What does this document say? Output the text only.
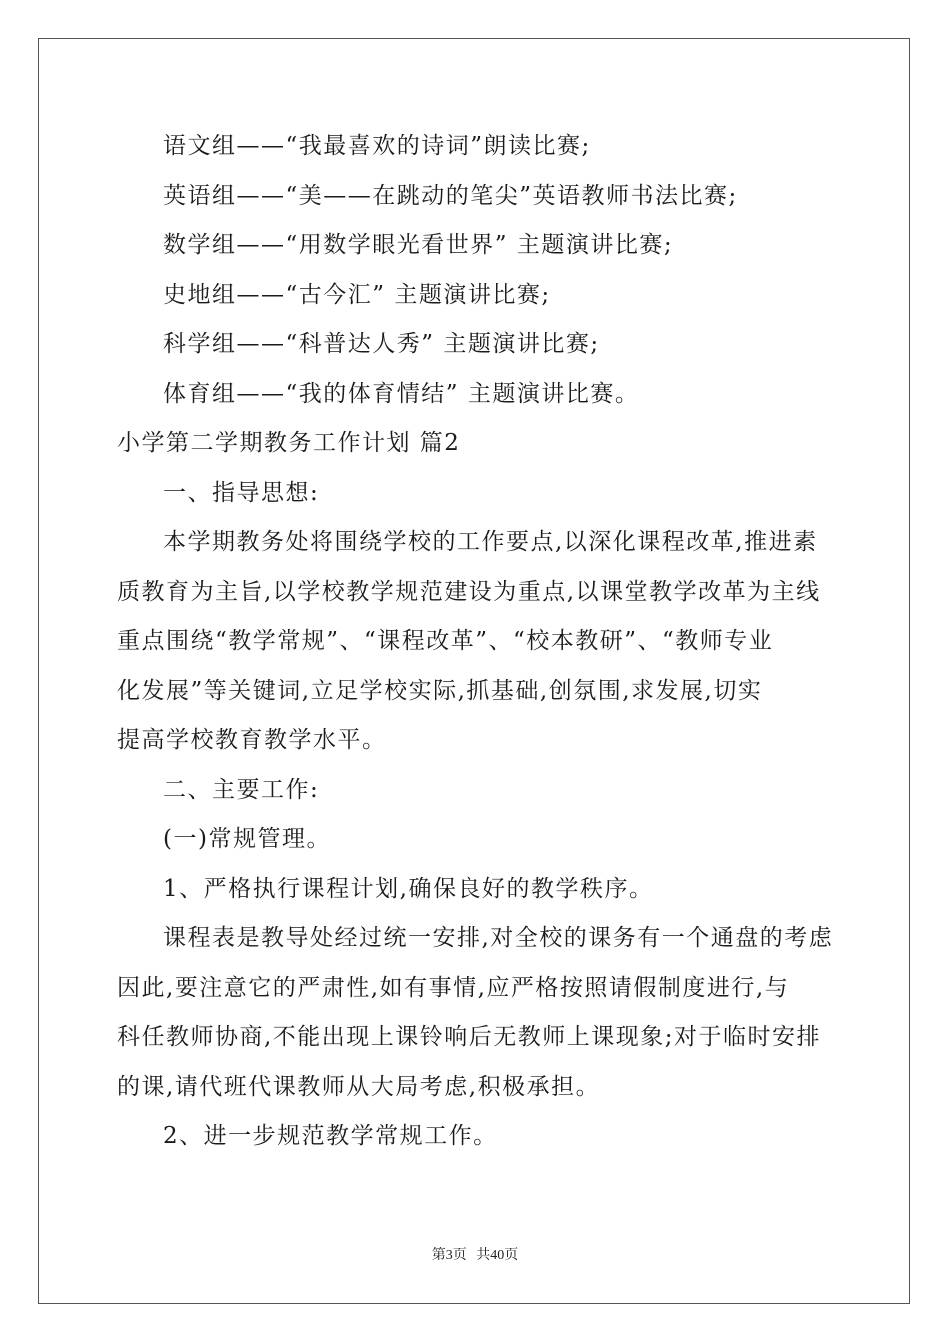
语文组——“我最喜欢的诗词”朗读比赛;
英语组——“美——在跳动的笔尖”英语教师书法比赛;
数学组——“用数学眼光看世界” 主题演讲比赛;
史地组——“古今汇” 主题演讲比赛;
科学组——“科普达人秀” 主题演讲比赛;
体育组——“我的体育情结” 主题演讲比赛。
小学第二学期教务工作计划 篇2
一、指导思想:
本学期教务处将围绕学校的工作要点,以深化课程改革,推进素
质教育为主旨,以学校教学规范建设为重点,以课堂教学改革为主线
重点围绕“教学常规”、“课程改革”、“校本教研”、“教师专业
化发展”等关键词,立足学校实际,抓基础,创氛围,求发展,切实
提高学校教育教学水平。
二、主要工作:
(一)常规管理。
1、严格执行课程计划,确保良好的教学秩序。
课程表是教导处经过统一安排,对全校的课务有一个通盘的考虑
因此,要注意它的严肃性,如有事情,应严格按照请假制度进行,与
科任教师协商,不能出现上课铃响后无教师上课现象;对于临时安排
的课,请代班代课教师从大局考虑,积极承担。
2、进一步规范教学常规工作。
第3页 共40页
